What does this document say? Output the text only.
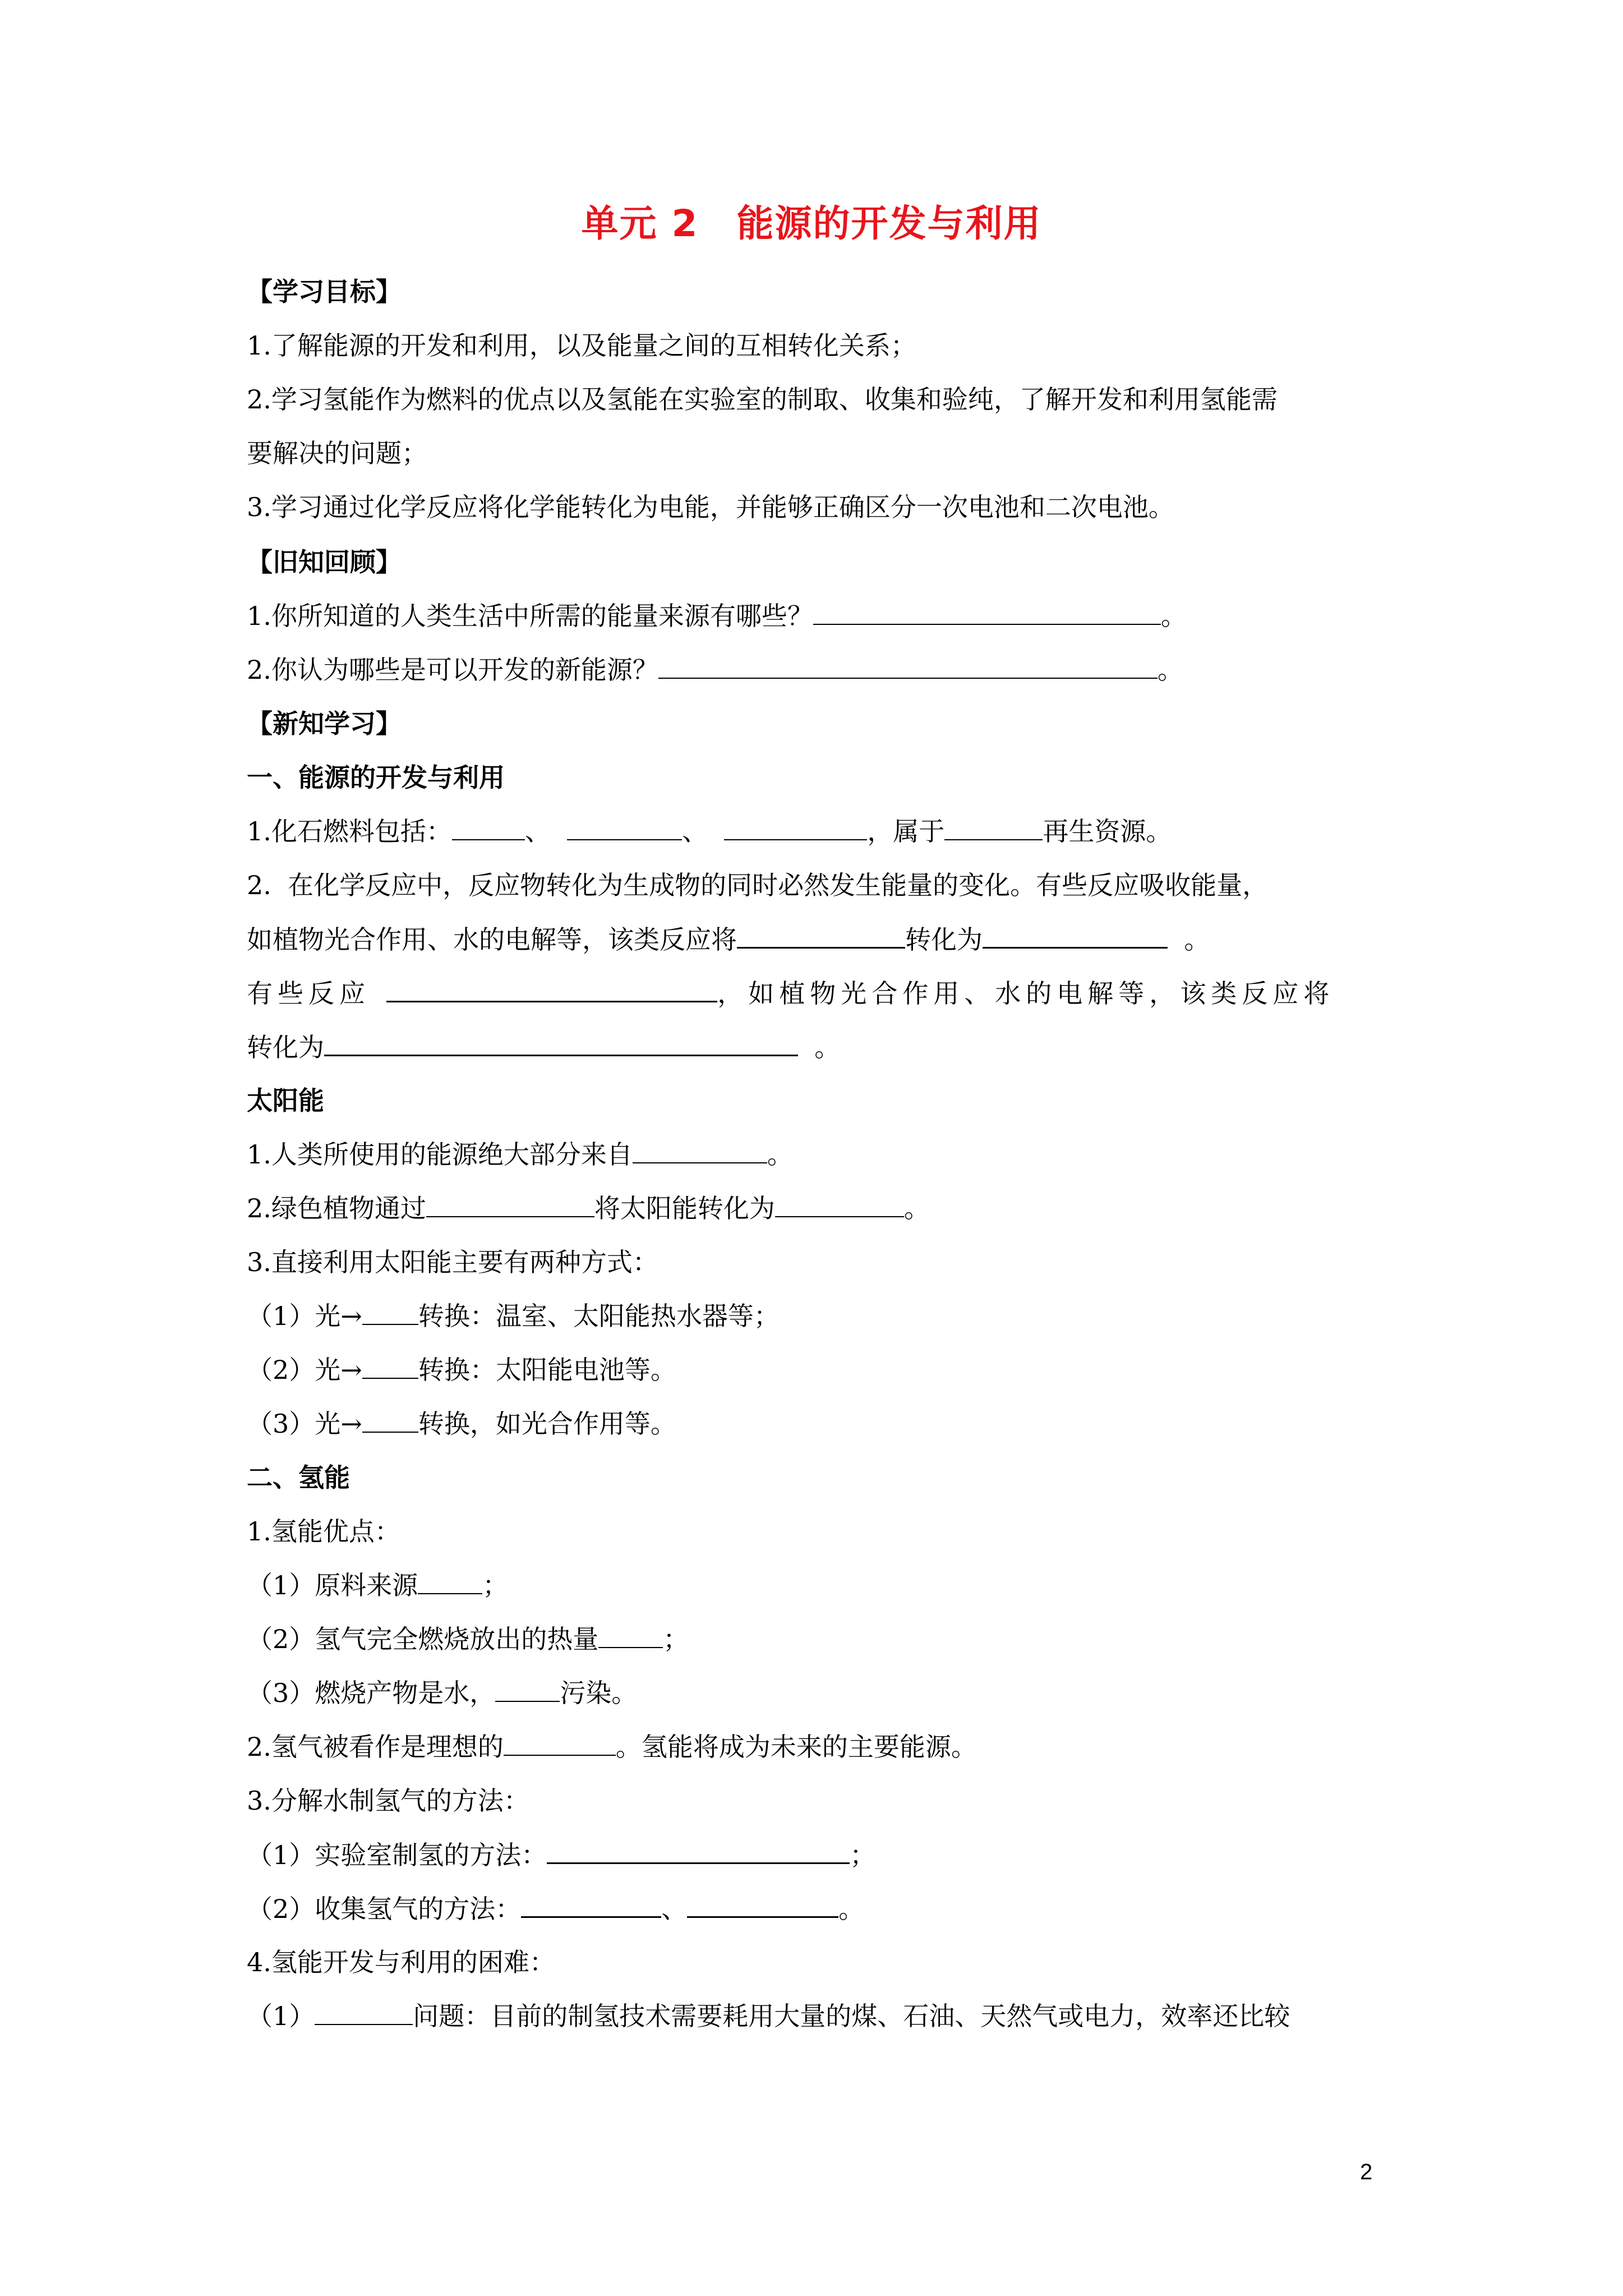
单元 2　能源的开发与利用
【学习目标】
1.了解能源的开发和利用，以及能量之间的互相转化关系；
2.学习氢能作为燃料的优点以及氢能在实验室的制取、收集和验纯，了解开发和利用氢能需
要解决的问题；
3.学习通过化学反应将化学能转化为电能，并能够正确区分一次电池和二次电池。
【旧知回顾】
1.你所知道的人类生活中所需的能量来源有哪些？	。
2.你认为哪些是可以开发的新能源？	。
【新知学习】
一、能源的开发与利用
1.化石燃料包括：	、	、	，属于	再生资源。
2.  在化学反应中，反应物转化为生成物的同时必然发生能量的变化。有些反应吸收能量，
如植物光合作用、水的电解等，该类反应将	转化为	。
有些反应	，如植物光合作用、水的电解等，该类反应将
转化为	。
太阳能
1.人类所使用的能源绝大部分来自	。
2.绿色植物通过	将太阳能转化为	。
3.直接利用太阳能主要有两种方式：
（1）光→ 转换：温室、太阳能热水器等；
（2）光→ 转换：太阳能电池等。
（3）光→ 转换，如光合作用等。
二、氢能
1.氢能优点：
（1）原料来源	；
（2）氢气完全燃烧放出的热量	；
（3）燃烧产物是水，	污染。
2.氢气被看作是理想的	。氢能将成为未来的主要能源。
3.分解水制氢气的方法：
（1）实验室制氢的方法：	；
（2）收集氢气的方法：	、	。
4.氢能开发与利用的困难：
（1）	问题：目前的制氢技术需要耗用大量的煤、石油、天然气或电力，效率还比较
2
